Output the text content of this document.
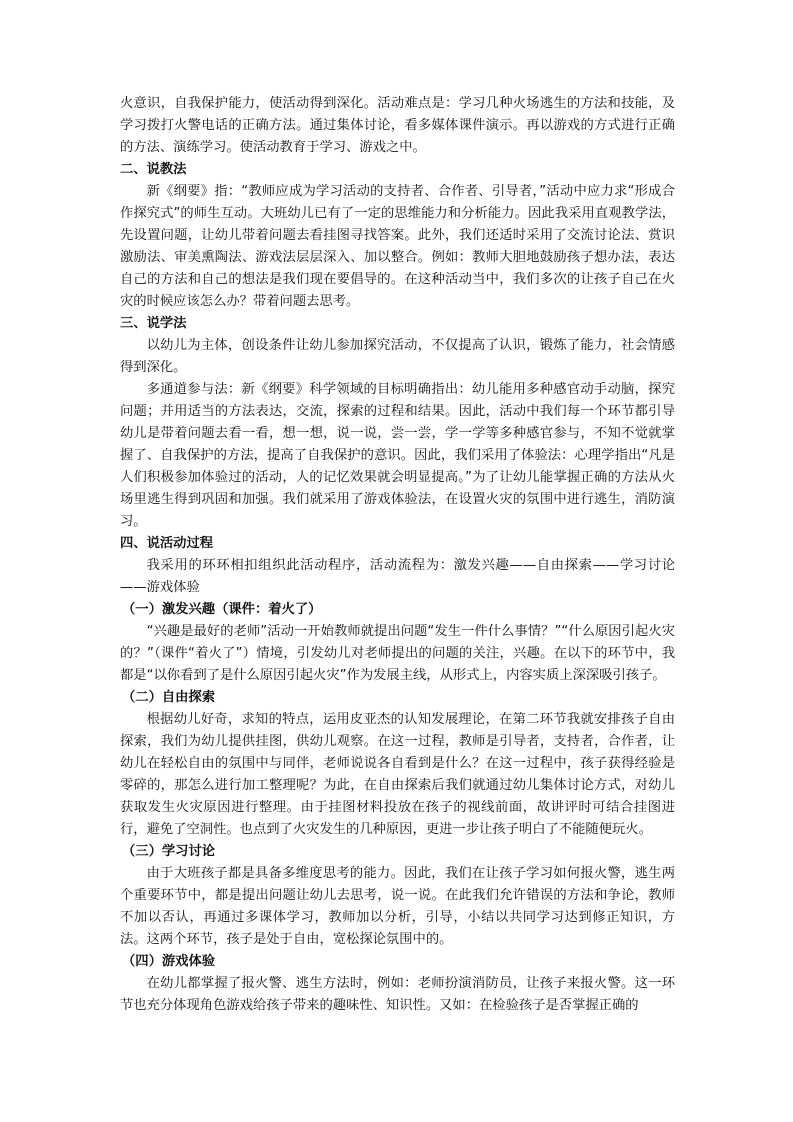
火意识，自我保护能力，使活动得到深化。活动难点是：学习几种火场逃生的方法和技能，及学习拨打火警电话的正确方法。通过集体讨论，看多媒体课件演示。再以游戏的方式进行正确的方法、演练学习。使活动教育于学习、游戏之中。

二、说教法

新《纲要》指：“教师应成为学习活动的支持者、合作者、引导者，”活动中应力求“形成合作探究式”的师生互动。大班幼儿已有了一定的思维能力和分析能力。因此我采用直观教学法，先设置问题，让幼儿带着问题去看挂图寻找答案。此外，我们还适时采用了交流讨论法、赏识激励法、审美熏陶法、游戏法层层深入、加以整合。例如：教师大胆地鼓励孩子想办法，表达自己的方法和自己的想法是我们现在要倡导的。在这种活动当中，我们多次的让孩子自己在火灾的时候应该怎么办？带着问题去思考。

三、说学法

以幼儿为主体，创设条件让幼儿参加探究活动，不仅提高了认识，锻炼了能力，社会情感得到深化。

多通道参与法：新《纲要》科学领域的目标明确指出：幼儿能用多种感官动手动脑，探究问题；并用适当的方法表达，交流，探索的过程和结果。因此，活动中我们每一个环节都引导幼儿是带着问题去看一看，想一想，说一说，尝一尝，学一学等多种感官参与，不知不觉就掌握了、自我保护的方法，提高了自我保护的意识。因此，我们采用了体验法：心理学指出“凡是人们积极参加体验过的活动，人的记忆效果就会明显提高。”为了让幼儿能掌握正确的方法从火场里逃生得到巩固和加强。我们就采用了游戏体验法，在设置火灾的氛围中进行逃生，消防演习。

四、说活动过程

我采用的环环相扣组织此活动程序，活动流程为：激发兴趣——自由探索——学习讨论——游戏体验

（一）激发兴趣（课件：着火了）

“兴趣是最好的老师”活动一开始教师就提出问题“发生一件什么事情？”“什么原因引起火灾的？”（课件“着火了”）情境，引发幼儿对老师提出的问题的关注，兴趣。在以下的环节中，我都是“以你看到了是什么原因引起火灾”作为发展主线，从形式上，内容实质上深深吸引孩子。

（二）自由探索

根据幼儿好奇，求知的特点，运用皮亚杰的认知发展理论，在第二环节我就安排孩子自由探索，我们为幼儿提供挂图，供幼儿观察。在这一过程，教师是引导者，支持者，合作者，让幼儿在轻松自由的氛围中与同伴，老师说说各自看到是什么？在这一过程中，孩子获得经验是零碎的，那怎么进行加工整理呢？为此，在自由探索后我们就通过幼儿集体讨论方式，对幼儿获取发生火灾原因进行整理。由于挂图材料投放在孩子的视线前面，故讲评时可结合挂图进行，避免了空洞性。也点到了火灾发生的几种原因，更进一步让孩子明白了不能随便玩火。

（三）学习讨论

由于大班孩子都是具备多维度思考的能力。因此，我们在让孩子学习如何报火警，逃生两个重要环节中，都是提出问题让幼儿去思考，说一说。在此我们允许错误的方法和争论，教师不加以否认，再通过多课体学习，教师加以分析，引导，小结以共同学习达到修正知识，方法。这两个环节，孩子是处于自由，宽松探论氛围中的。

（四）游戏体验

在幼儿都掌握了报火警、逃生方法时，例如：老师扮演消防员，让孩子来报火警。这一环节也充分体现角色游戏给孩子带来的趣味性、知识性。又如：在检验孩子是否掌握正确的
